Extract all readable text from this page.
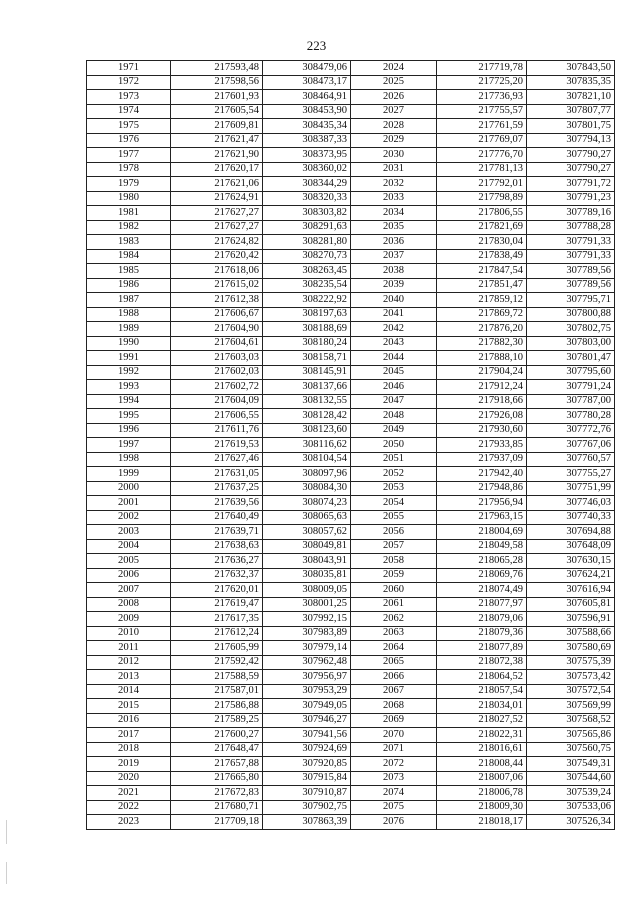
223
1971	217593,48	308479,06	2024	217719,78	307843,50
1972	217598,56	308473,17	2025	217725,20	307835,35
1973	217601,93	308464,91	2026	217736,93	307821,10
1974	217605,54	308453,90	2027	217755,57	307807,77
1975	217609,81	308435,34	2028	217761,59	307801,75
1976	217621,47	308387,33	2029	217769,07	307794,13
1977	217621,90	308373,95	2030	217776,70	307790,27
1978	217620,17	308360,02	2031	217781,13	307790,27
1979	217621,06	308344,29	2032	217792,01	307791,72
1980	217624,91	308320,33	2033	217798,89	307791,23
1981	217627,27	308303,82	2034	217806,55	307789,16
1982	217627,27	308291,63	2035	217821,69	307788,28
1983	217624,82	308281,80	2036	217830,04	307791,33
1984	217620,42	308270,73	2037	217838,49	307791,33
1985	217618,06	308263,45	2038	217847,54	307789,56
1986	217615,02	308235,54	2039	217851,47	307789,56
1987	217612,38	308222,92	2040	217859,12	307795,71
1988	217606,67	308197,63	2041	217869,72	307800,88
1989	217604,90	308188,69	2042	217876,20	307802,75
1990	217604,61	308180,24	2043	217882,30	307803,00
1991	217603,03	308158,71	2044	217888,10	307801,47
1992	217602,03	308145,91	2045	217904,24	307795,60
1993	217602,72	308137,66	2046	217912,24	307791,24
1994	217604,09	308132,55	2047	217918,66	307787,00
1995	217606,55	308128,42	2048	217926,08	307780,28
1996	217611,76	308123,60	2049	217930,60	307772,76
1997	217619,53	308116,62	2050	217933,85	307767,06
1998	217627,46	308104,54	2051	217937,09	307760,57
1999	217631,05	308097,96	2052	217942,40	307755,27
2000	217637,25	308084,30	2053	217948,86	307751,99
2001	217639,56	308074,23	2054	217956,94	307746,03
2002	217640,49	308065,63	2055	217963,15	307740,33
2003	217639,71	308057,62	2056	218004,69	307694,88
2004	217638,63	308049,81	2057	218049,58	307648,09
2005	217636,27	308043,91	2058	218065,28	307630,15
2006	217632,37	308035,81	2059	218069,76	307624,21
2007	217620,01	308009,05	2060	218074,49	307616,94
2008	217619,47	308001,25	2061	218077,97	307605,81
2009	217617,35	307992,15	2062	218079,06	307596,91
2010	217612,24	307983,89	2063	218079,36	307588,66
2011	217605,99	307979,14	2064	218077,89	307580,69
2012	217592,42	307962,48	2065	218072,38	307575,39
2013	217588,59	307956,97	2066	218064,52	307573,42
2014	217587,01	307953,29	2067	218057,54	307572,54
2015	217586,88	307949,05	2068	218034,01	307569,99
2016	217589,25	307946,27	2069	218027,52	307568,52
2017	217600,27	307941,56	2070	218022,31	307565,86
2018	217648,47	307924,69	2071	218016,61	307560,75
2019	217657,88	307920,85	2072	218008,44	307549,31
2020	217665,80	307915,84	2073	218007,06	307544,60
2021	217672,83	307910,87	2074	218006,78	307539,24
2022	217680,71	307902,75	2075	218009,30	307533,06
2023	217709,18	307863,39	2076	218018,17	307526,34
